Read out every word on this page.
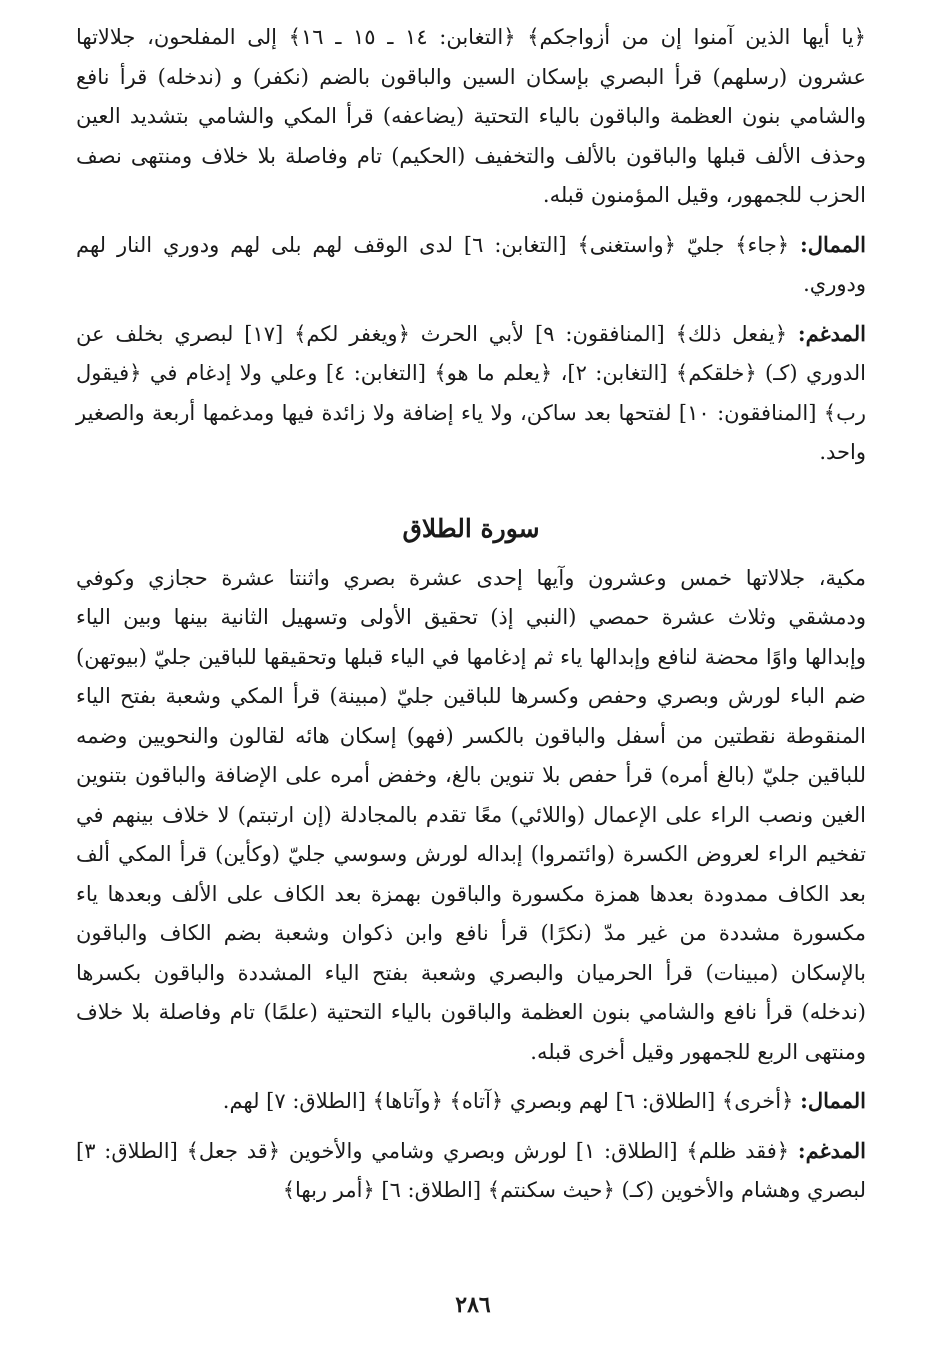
﴿يا أيها الذين آمنوا إن من أزواجكم﴾ ﴿التغابن: ١٤ ـ ١٥ ـ ١٦﴾ إلى المفلحون، جلالاتها عشرون (رسلهم) قرأ البصري بإسكان السين والباقون بالضم (نكفر) و (ندخله) قرأ نافع والشامي بنون العظمة والباقون بالياء التحتية (يضاعفه) قرأ المكي والشامي بتشديد العين وحذف الألف قبلها والباقون بالألف والتخفيف (الحكيم) تام وفاصلة بلا خلاف ومنتهى نصف الحزب للجمهور، وقيل المؤمنون قبله.

الممال: ﴿جاء﴾ جليّ ﴿واستغنى﴾ [التغابن: ٦] لدى الوقف لهم بلى لهم ودوري النار لهم ودوري.

المدغم: ﴿يفعل ذلك﴾ [المنافقون: ٩] لأبي الحرث ﴿ويغفر لكم﴾ [١٧] لبصري بخلف عن الدوري (كـ) ﴿خلقكم﴾ [التغابن: ٢]، ﴿يعلم ما هو﴾ [التغابن: ٤] وعلي ولا إدغام في ﴿فيقول رب﴾ [المنافقون: ١٠] لفتحها بعد ساكن، ولا ياء إضافة ولا زائدة فيها ومدغمها أربعة والصغير واحد.

سورة الطلاق

مكية، جلالاتها خمس وعشرون وآيها إحدى عشرة بصري واثنتا عشرة حجازي وكوفي ودمشقي وثلاث عشرة حمصي (النبي إذ) تحقيق الأولى وتسهيل الثانية بينها وبين الياء وإبدالها واوًا محضة لنافع وإبدالها ياء ثم إدغامها في الياء قبلها وتحقيقها للباقين جليّ (بيوتهن) ضم الباء لورش وبصري وحفص وكسرها للباقين جليّ (مبينة) قرأ المكي وشعبة بفتح الياء المنقوطة نقطتين من أسفل والباقون بالكسر (فهو) إسكان هائه لقالون والنحويين وضمه للباقين جليّ (بالغ أمره) قرأ حفص بلا تنوين بالغ، وخفض أمره على الإضافة والباقون بتنوين الغين ونصب الراء على الإعمال (واللائي) معًا تقدم بالمجادلة (إن ارتبتم) لا خلاف بينهم في تفخيم الراء لعروض الكسرة (وائتمروا) إبداله لورش وسوسي جليّ (وكأين) قرأ المكي ألف بعد الكاف ممدودة بعدها همزة مكسورة والباقون بهمزة بعد الكاف على الألف وبعدها ياء مكسورة مشددة من غير مدّ (نكرًا) قرأ نافع وابن ذكوان وشعبة بضم الكاف والباقون بالإسكان (مبينات) قرأ الحرميان والبصري وشعبة بفتح الياء المشددة والباقون بكسرها (ندخله) قرأ نافع والشامي بنون العظمة والباقون بالياء التحتية (علمًا) تام وفاصلة بلا خلاف ومنتهى الربع للجمهور وقيل أخرى قبله.

الممال: ﴿أخرى﴾ [الطلاق: ٦] لهم وبصري ﴿آتاه﴾ ﴿وآتاها﴾ [الطلاق: ٧] لهم.

المدغم: ﴿فقد ظلم﴾ [الطلاق: ١] لورش وبصري وشامي والأخوين ﴿قد جعل﴾ [الطلاق: ٣] لبصري وهشام والأخوين (كـ) ﴿حيث سكنتم﴾ [الطلاق: ٦] ﴿أمر ربها﴾

٢٨٦
